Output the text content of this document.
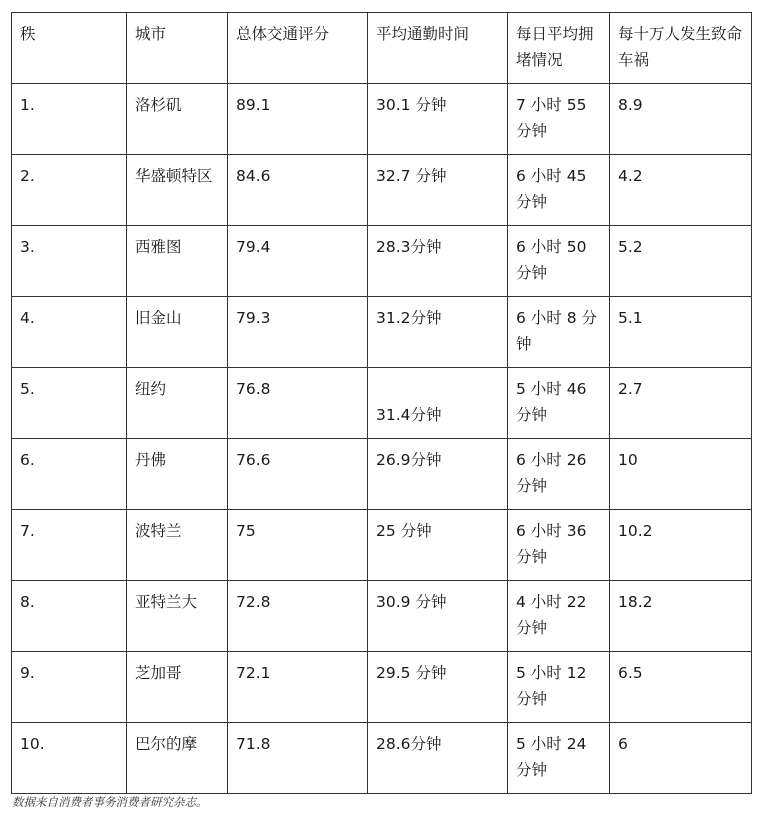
秩	城市	总体交通评分	平均通勤时间	每日平均拥堵情况	每十万人发生致命车祸
1.	洛杉矶	89.1	30.1 分钟	7 小时 55 分钟	8.9
2.	华盛顿特区	84.6	32.7 分钟	6 小时 45 分钟	4.2
3.	西雅图	79.4	28.3分钟	6 小时 50 分钟	5.2
4.	旧金山	79.3	31.2分钟	6 小时 8 分钟	5.1
5.	纽约	76.8	31.4分钟	5 小时 46 分钟	2.7
6.	丹佛	76.6	26.9分钟	6 小时 26 分钟	10
7.	波特兰	75	25 分钟	6 小时 36 分钟	10.2
8.	亚特兰大	72.8	30.9 分钟	4 小时 22 分钟	18.2
9.	芝加哥	72.1	29.5 分钟	5 小时 12 分钟	6.5
10.	巴尔的摩	71.8	28.6分钟	5 小时 24 分钟	6
数据来自消费者事务消费者研究杂志。
